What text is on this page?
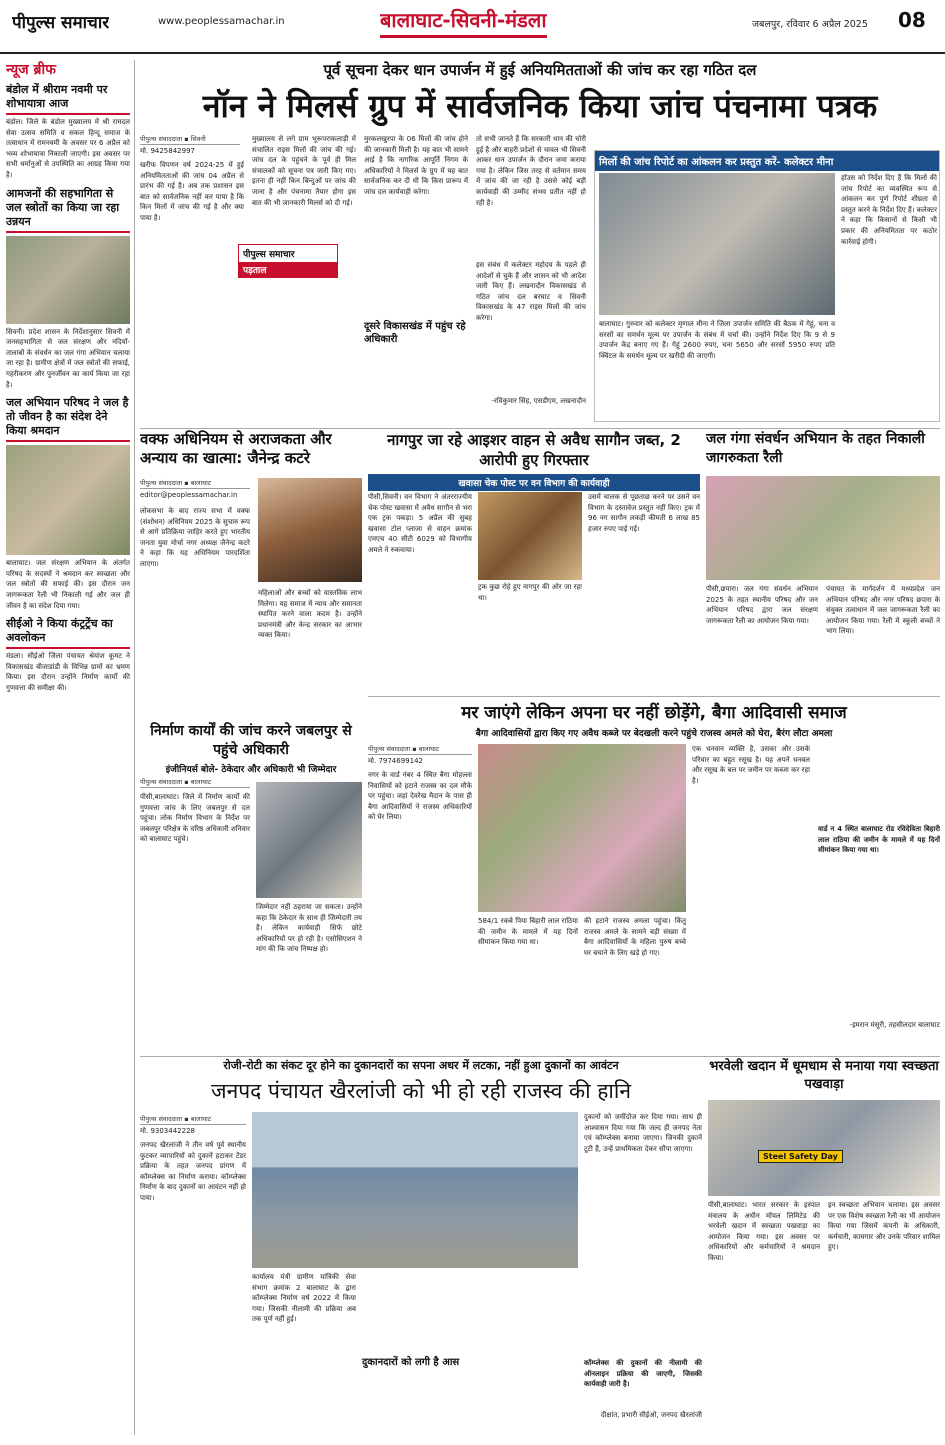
पीपुल्स समाचार	www.peoplessamachar.in	बालाघाट-सिवनी-मंडला	जबलपुर, रविवार 6 अप्रैल 2025 08
न्यूज ब्रीफ
बंडोल में श्रीराम नवमी पर शोभायात्रा आज
बंडोल। जिले के बंडोल मुख्यालय में श्री रामदल सेवा उत्सव समिति व सकल हिन्दू समाज के तत्वाधान में रामनवमी के अवसर पर 6 अप्रैल को भव्य शोभायात्रा निकाली जाएगी। इस अवसर पर सभी धर्मानुओं से उपस्थिति का आग्रह किया गया है।
आमजनों की सहभागिता से जल स्त्रोतों का किया जा रहा उन्नयन
सिवनी। प्रदेश शासन के निर्देशानुसार सिवनी में जनसहभागिता से जल संरक्षण और नदियों-तालाबों के संवर्धन का जल गंगा अभियान चलाया जा रहा है। ग्रामीण क्षेत्रों में जल स्त्रोतों की सफाई, गहरीकरण और पुनर्जीवन का कार्य किया जा रहा है।
जल अभियान परिषद ने जल है तो जीवन है का संदेश देने किया श्रमदान
बालाघाट। जल संरक्षण अभियान के अंतर्गत परिषद के सदस्यों ने श्रमदान कर स्वच्छता और जल स्त्रोतों की सफाई की। इस दौरान जन जागरूकता रैली भी निकाली गई और जल ही जीवन है का संदेश दिया गया।
सीईओ ने किया कंट्रट्रेंच का अवलोकन
मंडला। सीईओ जिला पंचायत श्रेयांश कूमट ने विकासखंड बीजाडांडी के विभिन्न ग्रामों का भ्रमण किया। इस दौरान उन्होंने निर्माण कार्यों की गुणवत्ता की समीक्षा की।
पूर्व सूचना देकर धान उपार्जन में हुई अनियमितताओं की जांच कर रहा गठित दल
नॉन ने मिलर्स ग्रुप में सार्वजनिक किया जांच पंचनामा पत्रक
पीपुल्स संवाददाता ▪ सिवनी
मो. 9425842997
खरीफ विपणन वर्ष 2024-25 में हुई अनियमितताओं की जांच 04 अप्रैल से प्रारंभ की गई है। अब तक प्रशासन इस बात को सार्वजनिक नहीं कर पाया है कि किन मिलों में जांच की गई है और क्या पाया है।
पीपुल्स समाचार
पड़ताल
मुख्यालय से लगे ग्राम भूरूपराकलाड़ी में संचालित राइस मिलों की जांच की गई। जांच दल के पहुंचने के पूर्व ही मिल संचालकों को सूचना पत्र जारी किए गए। इतना ही नहीं किन बिन्दुओं पर जांच की जाना है और पंचनामा तैयार होगा इस बात की भी जानकारी मिलर्स को दी गई।
मुरकलखुरपा के 06 मिलों की जांच होने की जानकारी मिली है। यह बात भी सामने आई है कि नागरिक आपूर्ति निगम के अधिकारियों ने मिलर्स के ग्रुप में यह बात सार्वजनिक कर दी थी कि किस प्रारूप में जांच दल कार्यवाही करेगा।
दूसरे विकासखंड में पहुंच रहे अधिकारी
तो सभी जानते हैं कि सरकारी धान की चोरी हुई है और बाहरी प्रदेशों से चावल भी सिवनी आकर धान उपार्जन के दौरान जमा कराया गया है। लेकिन जिस तरह से वर्तमान समय में जांच की जा रही है उससे कोई बड़ी कार्यवाही की उम्मीद संभव प्रतीत नहीं हो रही है।
इस संबंध में कलेक्टर महोदय के पहले ही आदेशों से चुके हैं और शासन को भी आदेश जारी किए हैं। लखनादौन विकासखंड से गठित जांच दल बरघाट व सिवनी विकासखंड के 47 राइस मिलों की जांच करेगा।
-रविकुमार सिंह, एसडीएम, लखनादौन
मिलों की जांच रिपोर्ट का आंकलन कर प्रस्तुत करें- कलेक्टर मीना
हॉउस को निर्देश दिए हैं कि मिलों की जांच रिपोर्ट का व्यवस्थित रूप से आंकलन कर पूर्ण रिपोर्ट शीघ्रता से प्रस्तुत करने के निर्देश दिए हैं। कलेक्टर ने कहा कि किसानों से किसी भी प्रकार की अनियमितता पर कठोर कार्रवाई होगी।
बालाघाट। गुरुवार को कलेक्टर मृणाल मीना ने जिला उपार्जन समिति की बैठक में गेहूं, चना व सरसों का समर्थन मूल्य पर उपार्जन के संबंध में चर्चा की। उन्होंने निर्देश दिए कि 9 से 9 उपार्जन केंद्र बनाए गए हैं। गेहूं 2600 रुपए, चना 5650 और सरसों 5950 रुपए प्रति क्विंटल के समर्थन मूल्य पर खरीदी की जाएगी।
वक्फ अधिनियम से अराजकता और अन्याय का खात्मा: जैनेन्द्र कटरे
पीपुल्स संवाददाता ▪ बालाघाट
editor@peoplessamachar.in
लोकसभा के बाद राज्य सभा में वक्फ (संशोधन) अधिनियम 2025 के सुचारु रूप से आगे प्रतिक्रिया जाहिर करते हुए भारतीय जनता युवा मोर्चा नगर अध्यक्ष जैनेन्द्र कटरे ने कहा कि यह अधिनियम पारदर्शिता लाएगा।
महिलाओं और बच्चों को वास्तविक लाभ मिलेगा। यह समाज में न्याय और समानता स्थापित करने वाला कदम है। उन्होंने प्रधानमंत्री और केन्द्र सरकार का आभार व्यक्त किया।
नागपुर जा रहे आइशर वाहन से अवैध सागौन जब्त, 2 आरोपी हुए गिरफ्तार
खवासा चेक पोस्ट पर वन विभाग की कार्यवाही
पीसी,सिवनी। वन विभाग ने अंतरराज्यीय चेक पोस्ट खवासा में अवैध सागौन से भरा एक ट्रक पकड़ा। 5 अप्रैल की सुबह खवासा टोल प्लाजा से वाहन क्रमांक एमएच 40 सीटी 6029 को विभागीय अमले ने रुकवाया।
ट्रक कुछ रोहे हुए नागपुर की ओर जा रहा था।
उसमें चालक से पूछताछ करने पर उसने वन विभाग के दस्तावेज प्रस्तुत नहीं किए। ट्रक में 96 नग सागौन लकड़ी कीमती 6 लाख 85 हजार रुपए पाई गई।
जल गंगा संवर्धन अभियान के तहत निकाली जागरुकता रैली
पीसी,छपारा। जल गंगा संवर्धन अभियान 2025 के तहत स्थानीय परिषद और जन अभियान परिषद द्वारा जल संरक्षण जागरूकता रैली का आयोजन किया गया।
पंचायत के मार्गदर्शन में मध्यप्रदेश जन अभियान परिषद और नगर परिषद छपारा के संयुक्त तत्वाधान में जल जागरूकता रैली का आयोजन किया गया। रैली में स्कूली बच्चों ने भाग लिया।
निर्माण कार्यों की जांच करने जबलपुर से पहुंचे अधिकारी
इंजीनियर्स बोले- ठेकेदार और अधिकारी भी जिम्मेदार
पीपुल्स संवाददाता ▪ बालाघाट
पीसी,बालाघाट। जिले में निर्माण कार्यों की गुणवत्ता जांच के लिए जबलपुर से दल पहुंचा। लोक निर्माण विभाग के निर्देश पर जबलपुर परिक्षेत्र के वरिष्ठ अधिकारी शनिवार को बालाघाट पहुंचे।
जिम्मेदार नहीं ठहराया जा सकता। उन्होंने कहा कि ठेकेदार के साथ ही जिम्मेदारी तय है। लेकिन कार्यवाही सिर्फ छोटे अधिकारियों पर हो रही है। एसोसिएशन ने मांग की कि जांच निष्पक्ष हो।
मर जाएंगे लेकिन अपना घर नहीं छोड़ेंगे, बैगा आदिवासी समाज
बैगा आदिवासियों द्वारा किए गए अवैध कब्जे पर बेदखली करने पहुंचे राजस्व अमले को घेरा, बैरंग लौटा अमला
पीपुल्स संवाददाता ▪ बालाघाट
मो. 7974699142
नगर के वार्ड नंबर 4 स्थित बैगा मोहल्ला निवासियों को हटाने राजस्व का दल मौके पर पहुंचा। जहां देवरेख मैदान के पास ही बैगा आदिवासियों ने राजस्व अधिकारियों को घेर लिया।
584/1 रकबे पिया बिहारी लाल राठिया की जमीन के मामले में यह दिनों सीमांकन किया गया था।
की हटाने राजस्व अमला पहुंचा। किंतु राजस्व अमले के सामने बड़ी संख्या में बैगा आदिवासियों के महिला पुरुष बच्चे घर बचाने के लिए खड़े हो गए।
एक धनवान व्यक्ति है, उसका और उसके परिवार का बहुत रसूख है। यह अपने धनबल और रसूख के बल पर जमीन पर कब्जा कर रहा है।
वार्ड न 4 स्थित बालाघाट रोड रविदेविता बिहारी लाल राठिया की जमीन के मामले में यह दिनों सीमांकन किया गया था।
-इमरान मंसूरी, तहसीलदार बालाघाट
रोजी-रोटी का संकट दूर होने का दुकानदारों का सपना अधर में लटका, नहीं हुआ दुकानों का आवंटन
जनपद पंचायत खैरलांजी को भी हो रही राजस्व की हानि
पीपुल्स संवाददाता ▪ बालाघाट
मो. 9303442228
जनपद खैरलांजी ने तीन वर्ष पूर्व स्थानीय फुटकर व्यापारियों को दुकानें हटाकर टेंडर प्रक्रिया के तहत जनपद प्रांगण में कॉम्प्लेक्स का निर्माण कराया। कॉम्प्लेक्स निर्माण के बाद दुकानों का आवंटन नहीं हो पाया।
कार्यालय मंत्री ग्रामीण यांत्रिकी सेवा संभाग क्रमांक 2 बालाघाट के द्वारा कॉम्प्लेक्स निर्माण वर्ष 2022 में किया गया। जिसकी नीलामी की प्रक्रिया अब तक पूर्ण नहीं हुई।
दुकानदारों को लगी है आस
दुकानों को जमींदोज कर दिया गया। साथ ही आश्वासन दिया गया कि जल्द ही जनपद नेता एवं कॉम्प्लेक्स बनाया जाएगा। जिनकी दुकानें टूटी हैं, उन्हें प्राथमिकता देकर सौंपा जाएगा।
कॉम्प्लेक्स की दुकानों की नीलामी की ऑनलाइन प्रक्रिया की जाएगी, जिसकी कार्यवाही जारी है।
दीक्षांत, प्रभारी सीईओ, जनपद खैरलांजी
भरवेली खदान में धूमधाम से मनाया गया स्वच्छता पखवाड़ा
Steel Safety Day
पीसी,बालाघाट। भारत सरकार के इस्पात मंत्रालय के अधीन मॉयल लिमिटेड की भरवेली खदान में स्वच्छता पखवाड़ा का आयोजन किया गया। इस अवसर पर अधिकारियों और कर्मचारियों ने श्रमदान किया।
इन स्वच्छता अभियान चलाया। इस अवसर पर एक विशेष स्वच्छता रैली का भी आयोजन किया गया जिसमें कंपनी के अधिकारी, कर्मचारी, कामगार और उनके परिवार शामिल हुए।
